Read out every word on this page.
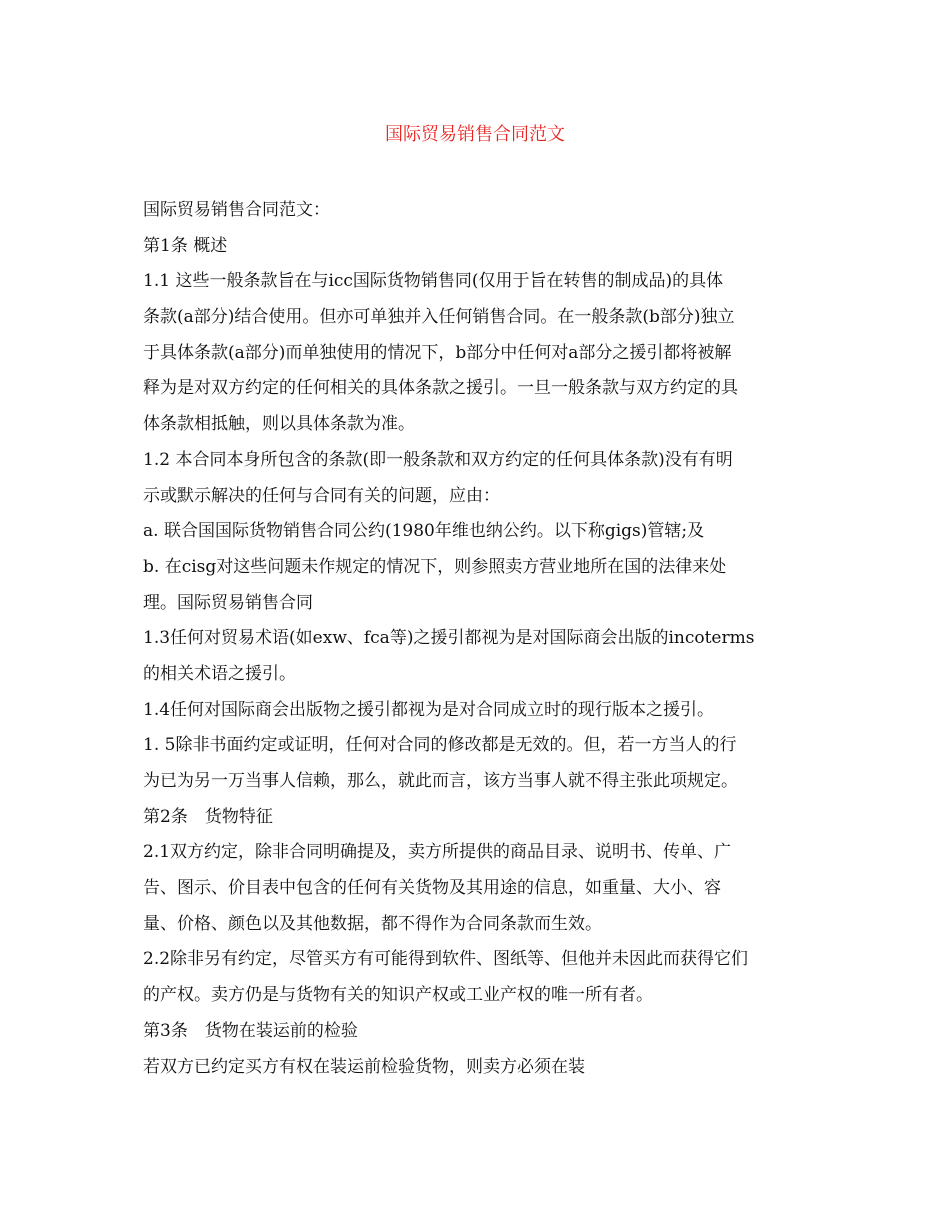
国际贸易销售合同范文
国际贸易销售合同范文：
第1条 概述
1.1 这些一般条款旨在与icc国际货物销售同(仅用于旨在转售的制成品)的具体
条款(a部分)结合使用。但亦可单独并入任何销售合同。在一般条款(b部分)独立
于具体条款(a部分)而单独使用的情况下，b部分中任何对a部分之援引都将被解
释为是对双方约定的任何相关的具体条款之援引。一旦一般条款与双方约定的具
体条款相抵触，则以具体条款为准。
1.2 本合同本身所包含的条款(即一般条款和双方约定的任何具体条款)没有有明
示或默示解决的任何与合同有关的问题，应由：
a. 联合国国际货物销售合同公约(1980年维也纳公约。以下称gigs)管辖;及
b. 在cisg对这些问题未作规定的情况下，则参照卖方营业地所在国的法律来处
理。国际贸易销售合同
1.3任何对贸易术语(如exw、fca等)之援引都视为是对国际商会出版的incoterms
的相关术语之援引。
1.4任何对国际商会出版物之援引都视为是对合同成立时的现行版本之援引。
1. 5除非书面约定或证明，任何对合同的修改都是无效的。但，若一方当人的行
为已为另一万当事人信赖，那么，就此而言，该方当事人就不得主张此项规定。
第2条　货物特征
2.1双方约定，除非合同明确提及，卖方所提供的商品目录、说明书、传单、广
告、图示、价目表中包含的任何有关货物及其用途的信息，如重量、大小、容
量、价格、颜色以及其他数据，都不得作为合同条款而生效。
2.2除非另有约定，尽管买方有可能得到软件、图纸等、但他并未因此而获得它们
的产权。卖方仍是与货物有关的知识产权或工业产权的唯一所有者。
第3条　货物在装运前的检验
若双方已约定买方有权在装运前检验货物，则卖方必须在装
